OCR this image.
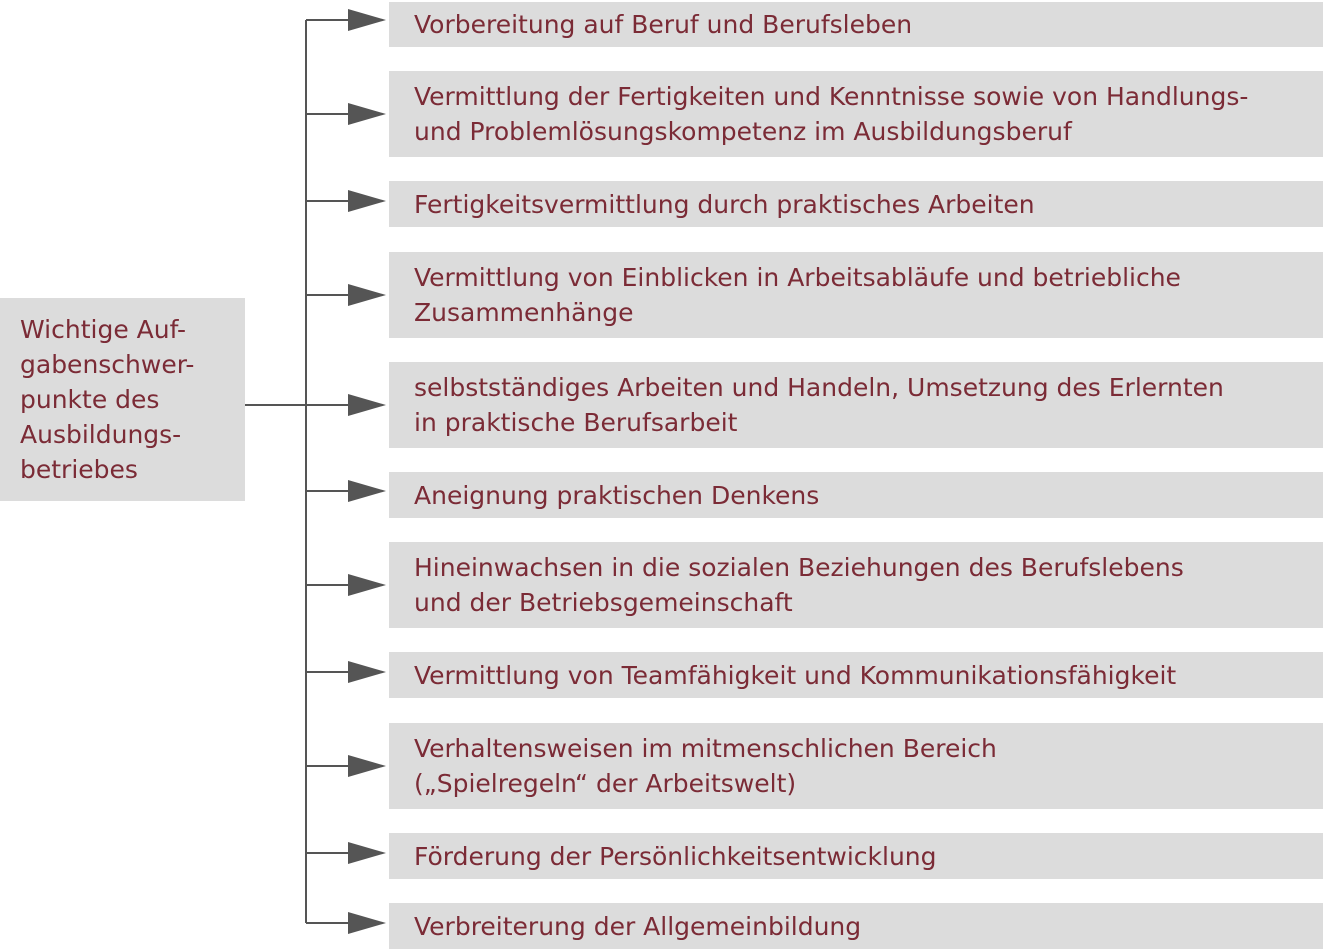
Wichtige Auf-
gabenschwer-
punkte des
Ausbildungs-
betriebes
Vorbereitung auf Beruf und Berufsleben
Vermittlung der Fertigkeiten und Kenntnisse sowie von Handlungs-
und Problemlösungskompetenz im Ausbildungsberuf
Fertigkeitsvermittlung durch praktisches Arbeiten
Vermittlung von Einblicken in Arbeitsabläufe und betriebliche
Zusammenhänge
selbstständiges Arbeiten und Handeln, Umsetzung des Erlernten
in praktische Berufsarbeit
Aneignung praktischen Denkens
Hineinwachsen in die sozialen Beziehungen des Berufslebens
und der Betriebsgemeinschaft
Vermittlung von Teamfähigkeit und Kommunikationsfähigkeit
Verhaltensweisen im mitmenschlichen Bereich
(„Spielregeln“ der Arbeitswelt)
Förderung der Persönlichkeitsentwicklung
Verbreiterung der Allgemeinbildung
